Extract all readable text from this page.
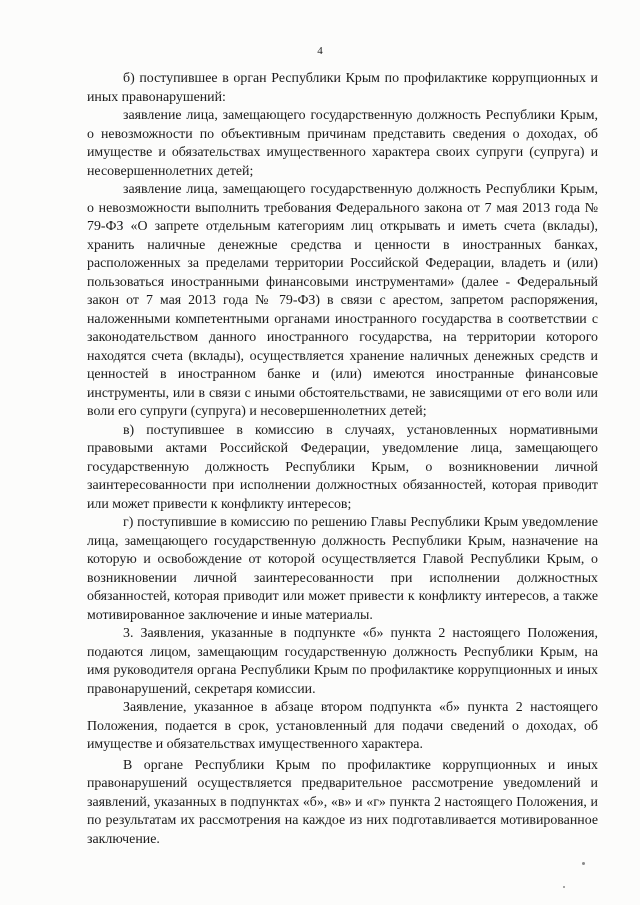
4

б) поступившее в орган Республики Крым по профилактике коррупционных и иных правонарушений:

заявление лица, замещающего государственную должность Республики Крым, о невозможности по объективным причинам представить сведения о доходах, об имуществе и обязательствах имущественного характера своих супруги (супруга) и несовершеннолетних детей;

заявление лица, замещающего государственную должность Республики Крым, о невозможности выполнить требования Федерального закона от 7 мая 2013 года № 79-ФЗ «О запрете отдельным категориям лиц открывать и иметь счета (вклады), хранить наличные денежные средства и ценности в иностранных банках, расположенных за пределами территории Российской Федерации, владеть и (или) пользоваться иностранными финансовыми инструментами» (далее - Федеральный закон от 7 мая 2013 года № 79-ФЗ) в связи с арестом, запретом распоряжения, наложенными компетентными органами иностранного государства в соответствии с законодательством данного иностранного государства, на территории которого находятся счета (вклады), осуществляется хранение наличных денежных средств и ценностей в иностранном банке и (или) имеются иностранные финансовые инструменты, или в связи с иными обстоятельствами, не зависящими от его воли или воли его супруги (супруга) и несовершеннолетних детей;

в) поступившее в комиссию в случаях, установленных нормативными правовыми актами Российской Федерации, уведомление лица, замещающего государственную должность Республики Крым, о возникновении личной заинтересованности при исполнении должностных обязанностей, которая приводит или может привести к конфликту интересов;

г) поступившие в комиссию по решению Главы Республики Крым уведомление лица, замещающего государственную должность Республики Крым, назначение на которую и освобождение от которой осуществляется Главой Республики Крым, о возникновении личной заинтересованности при исполнении должностных обязанностей, которая приводит или может привести к конфликту интересов, а также мотивированное заключение и иные материалы.

3. Заявления, указанные в подпункте «б» пункта 2 настоящего Положения, подаются лицом, замещающим государственную должность Республики Крым, на имя руководителя органа Республики Крым по профилактике коррупционных и иных правонарушений, секретаря комиссии.

Заявление, указанное в абзаце втором подпункта «б» пункта 2 настоящего Положения, подается в срок, установленный для подачи сведений о доходах, об имуществе и обязательствах имущественного характера.

В органе Республики Крым по профилактике коррупционных и иных правонарушений осуществляется предварительное рассмотрение уведомлений и заявлений, указанных в подпунктах «б», «в» и «г» пункта 2 настоящего Положения, и по результатам их рассмотрения на каждое из них подготавливается мотивированное заключение.
